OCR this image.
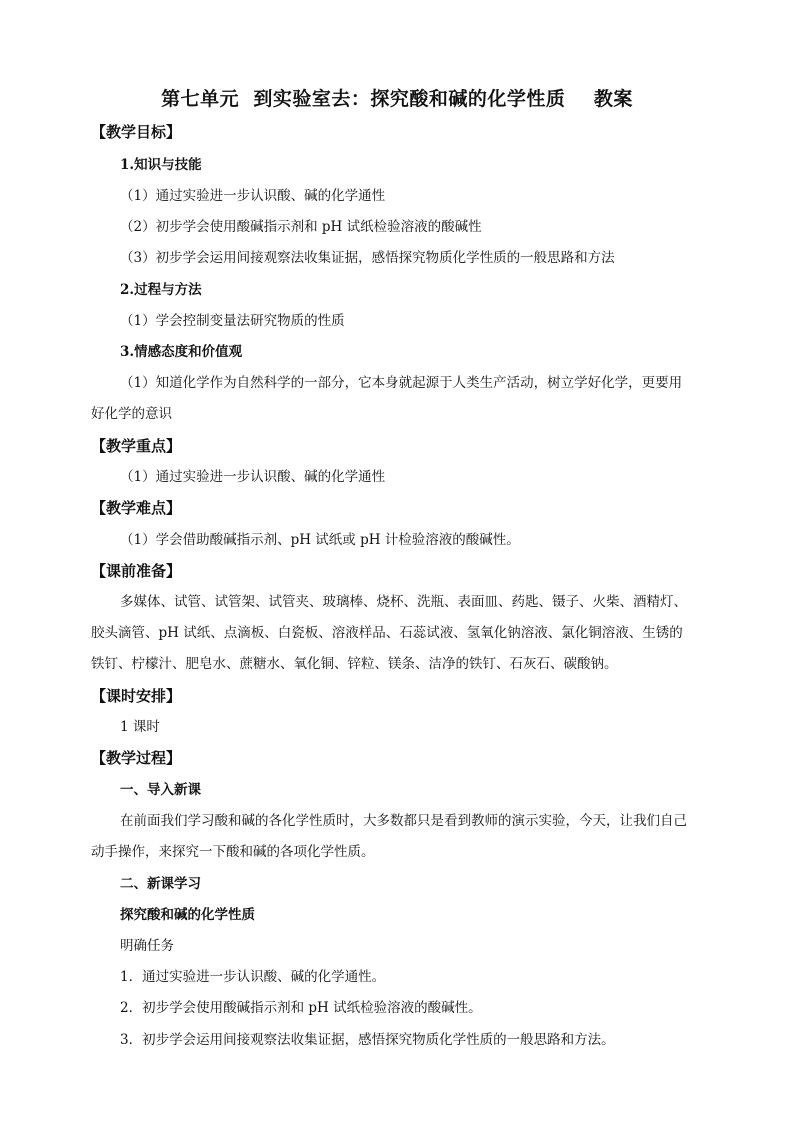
第七单元  到实验室去：探究酸和碱的化学性质    教案
【教学目标】
1.知识与技能
（1）通过实验进一步认识酸、碱的化学通性
（2）初步学会使用酸碱指示剂和 pH 试纸检验溶液的酸碱性
（3）初步学会运用间接观察法收集证据，感悟探究物质化学性质的一般思路和方法
2.过程与方法
（1）学会控制变量法研究物质的性质
3.情感态度和价值观
（1）知道化学作为自然科学的一部分，它本身就起源于人类生产活动，树立学好化学，更要用
好化学的意识
【教学重点】
（1）通过实验进一步认识酸、碱的化学通性
【教学难点】
（1）学会借助酸碱指示剂、pH 试纸或 pH 计检验溶液的酸碱性。
【课前准备】
多媒体、试管、试管架、试管夹、玻璃棒、烧杯、洗瓶、表面皿、药匙、镊子、火柴、酒精灯、
胶头滴管、pH 试纸、点滴板、白瓷板、溶液样品、石蕊试液、氢氧化钠溶液、氯化铜溶液、生锈的
铁钉、柠檬汁、肥皂水、蔗糖水、氧化铜、锌粒、镁条、洁净的铁钉、石灰石、碳酸钠。
【课时安排】
1 课时
【教学过程】
一、导入新课
在前面我们学习酸和碱的各化学性质时，大多数都只是看到教师的演示实验，今天，让我们自己
动手操作，来探究一下酸和碱的各项化学性质。
二、新课学习
探究酸和碱的化学性质
明确任务
1．通过实验进一步认识酸、碱的化学通性。
2．初步学会使用酸碱指示剂和 pH 试纸检验溶液的酸碱性。
3．初步学会运用间接观察法收集证据，感悟探究物质化学性质的一般思路和方法。
